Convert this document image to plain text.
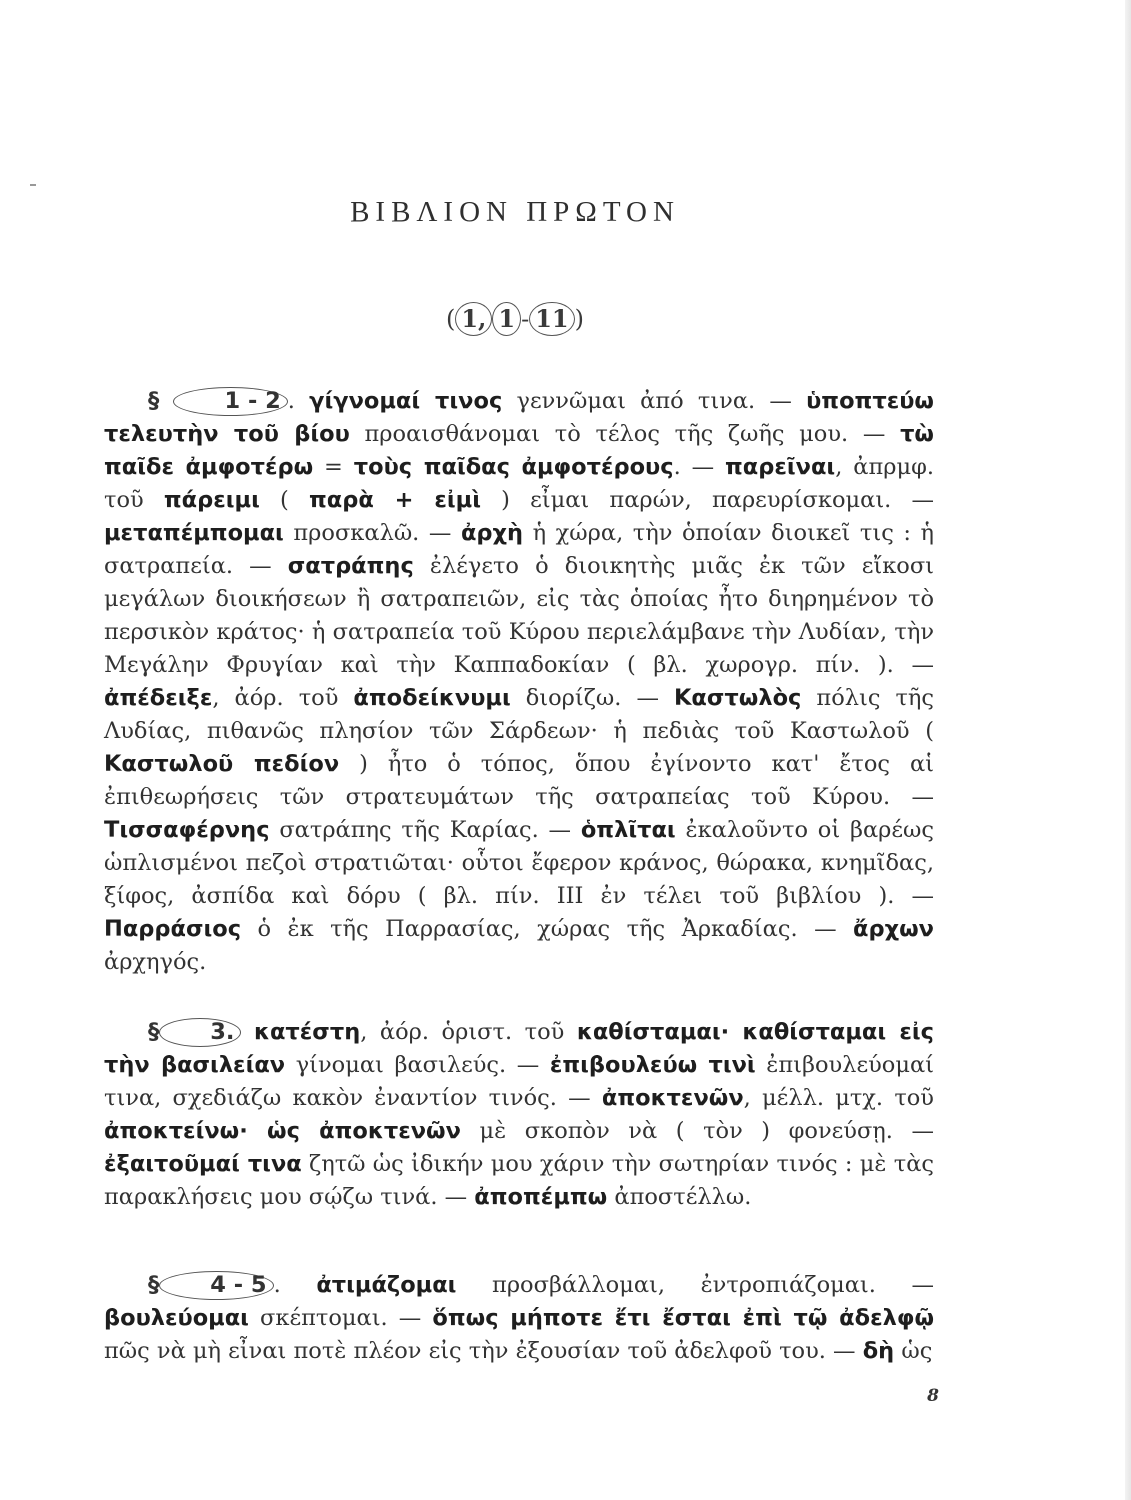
ΒΙΒΛΙΟΝ ΠΡΩΤΟΝ
( 1, 1 - 11 )

§	1 - 2 . γίγνομαί τινος γεννῶμαι ἀπό τινα. — ὑποπτεύω τελευτὴν τοῦ βίου προαισθάνομαι τὸ τέλος τῆς ζωῆς μου. — τὼ παῖδε ἀμφοτέρω = τοὺς παῖδας ἀμφοτέρους. — παρεῖναι, ἀπρμφ. τοῦ πάρειμι ( παρὰ + εἰμὶ ) εἶμαι παρών, παρευρίσκομαι. — μεταπέμπομαι προσκαλῶ. — ἀρχὴ ἡ χώρα, τὴν ὁποίαν διοικεῖ τις : ἡ σατραπεία. — σατράπης ἐλέγετο ὁ διοικητὴς μιᾶς ἐκ τῶν εἴκοσι μεγάλων διοικήσεων ἢ σατραπειῶν, εἰς τὰς ὁποίας ἦτο διηρημένον τὸ περσικὸν κράτος· ἡ σατραπεία τοῦ Κύρου περιελάμβανε τὴν Λυδίαν, τὴν Μεγάλην Φρυγίαν καὶ τὴν Καππαδοκίαν ( βλ. χωρογρ. πίν. ). — ἀπέδειξε, ἀόρ. τοῦ ἀποδείκνυμι διορίζω. — Καστωλὸς πόλις τῆς Λυδίας, πιθανῶς πλησίον τῶν Σάρδεων· ἡ πεδιὰς τοῦ Καστωλοῦ ( Καστωλοῦ πεδίον ) ἦτο ὁ τόπος, ὅπου ἐγίνοντο κατ' ἔτος αἱ ἐπιθεωρήσεις τῶν στρατευμάτων τῆς σατραπείας τοῦ Κύρου. — Τισσαφέρνης σατράπης τῆς Καρίας. — ὁπλῖται ἐκαλοῦντο οἱ βαρέως ὡπλισμένοι πεζοὶ στρατιῶται· οὗτοι ἔφερον κράνος, θώρακα, κνημῖδας, ξίφος, ἀσπίδα καὶ δόρυ ( βλ. πίν. III ἐν τέλει τοῦ βιβλίου ). — Παρράσιος ὁ ἐκ τῆς Παρρασίας, χώρας τῆς Ἀρκαδίας. — ἄρχων ἀρχηγός.

§ 3. κατέστη, ἀόρ. ὁριστ. τοῦ καθίσταμαι· καθίσταμαι εἰς τὴν βασιλείαν γίνομαι βασιλεύς. — ἐπιβουλεύω τινὶ ἐπιβουλεύομαί τινα, σχεδιάζω κακὸν ἐναντίον τινός. — ἀποκτενῶν, μέλλ. μτχ. τοῦ ἀποκτείνω· ὡς ἀποκτενῶν μὲ σκοπὸν νὰ ( τὸν ) φονεύσῃ. — ἐξαιτοῦμαί τινα ζητῶ ὡς ἰδικήν μου χάριν τὴν σωτηρίαν τινός : μὲ τὰς παρακλήσεις μου σῴζω τινά. — ἀποπέμπω ἀποστέλλω.

§ 4 - 5 . ἀτιμάζομαι προσβάλλομαι, ἐντροπιάζομαι. — βουλεύομαι σκέπτομαι. — ὅπως μήποτε ἔτι ἔσται ἐπὶ τῷ ἀδελφῷ πῶς νὰ μὴ εἶναι ποτὲ πλέον εἰς τὴν ἐξουσίαν τοῦ ἀδελφοῦ του. — δὴ ὡς

8
